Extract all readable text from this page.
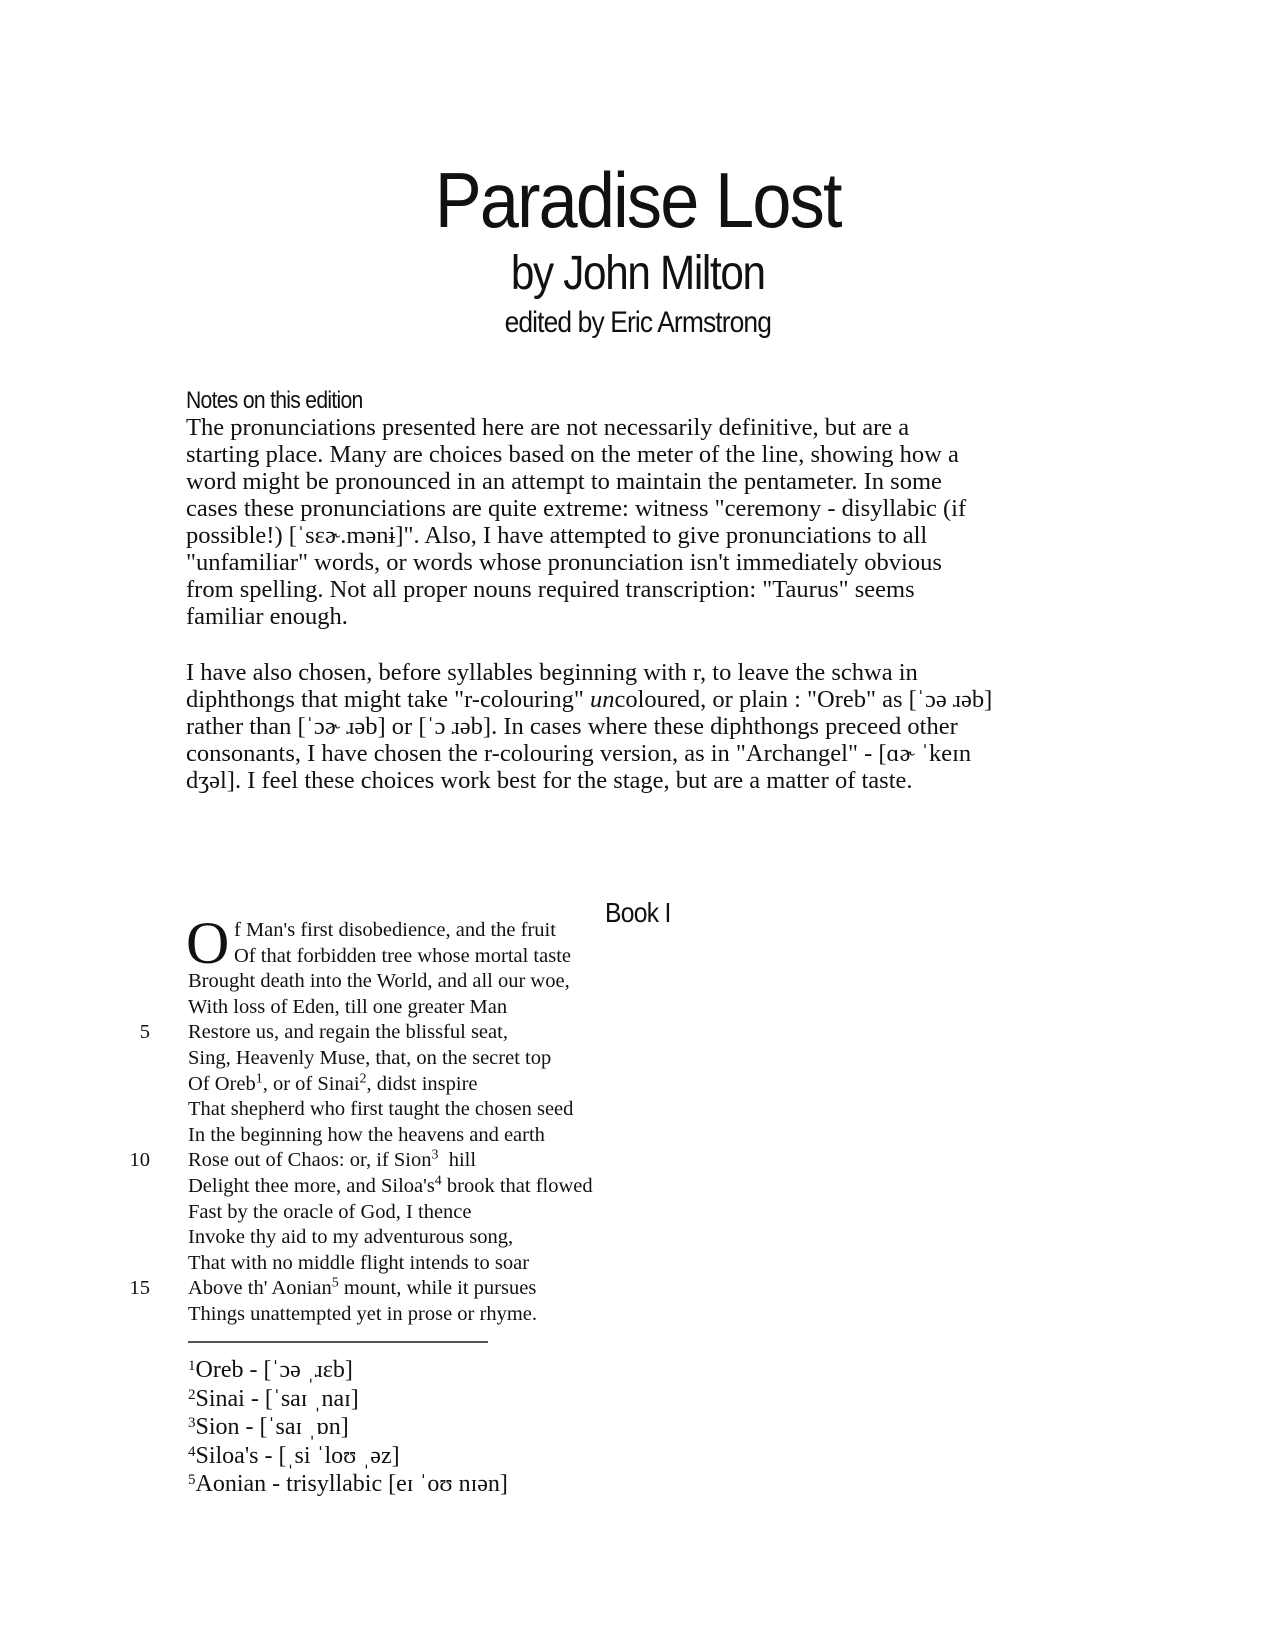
Paradise Lost
by John Milton
edited by Eric Armstrong
Notes on this edition

The pronunciations presented here are not necessarily definitive, but are a
starting place. Many are choices based on the meter of the line, showing how a
word might be pronounced in an attempt to maintain the pentameter. In some
cases these pronunciations are quite extreme: witness "ceremony - disyllabic (if
possible!) [ˈsɛɚ.mənɨ]". Also, I have attempted to give pronunciations to all
"unfamiliar" words, or words whose pronunciation isn't immediately obvious
from spelling. Not all proper nouns required transcription: "Taurus" seems
familiar enough.

I have also chosen, before syllables beginning with r, to leave the schwa in
diphthongs that might take "r-colouring" uncoloured, or plain : "Oreb" as [ˈɔə ɹəb]
rather than [ˈɔɚ ɹəb] or [ˈɔ ɹəb]. In cases where these diphthongs preceed other
consonants, I have chosen the r-colouring version, as in "Archangel" - [ɑɚ ˈkeɪn
dʒəl]. I feel these choices work best for the stage, but are a matter of taste.

Book I
O f Man's first disobedience, and the fruit
Of that forbidden tree whose mortal taste
Brought death into the World, and all our woe,
With loss of Eden, till one greater Man
5 Restore us, and regain the blissful seat,
Sing, Heavenly Muse, that, on the secret top
Of Oreb$^1$, or of Sinai$^2$, didst inspire
That shepherd who first taught the chosen seed
In the beginning how the heavens and earth
10 Rose out of Chaos: or, if Sion$^3$  hill
Delight thee more, and $Siloa's^4$ brook that flowed
Fast by the oracle of God, I thence
Invoke thy aid to my adventurous song,
That with no middle flight intends to soar
15 Above th' Aonian$^5$ mount, while it pursues
Things unattempted yet in prose or rhyme.
$^1$Oreb - [ˈɔə ˌɹɛb]
$^2$Sinai - [ˈsaɪ ˌnaɪ]
$^3$Sion - [ˈsaɪ ˌɒn]
$^4$Siloa's - [ˌsi ˈloʊ ˌəz]
$^5$Aonian - trisyllabic [eɪ ˈoʊ nɪən]
